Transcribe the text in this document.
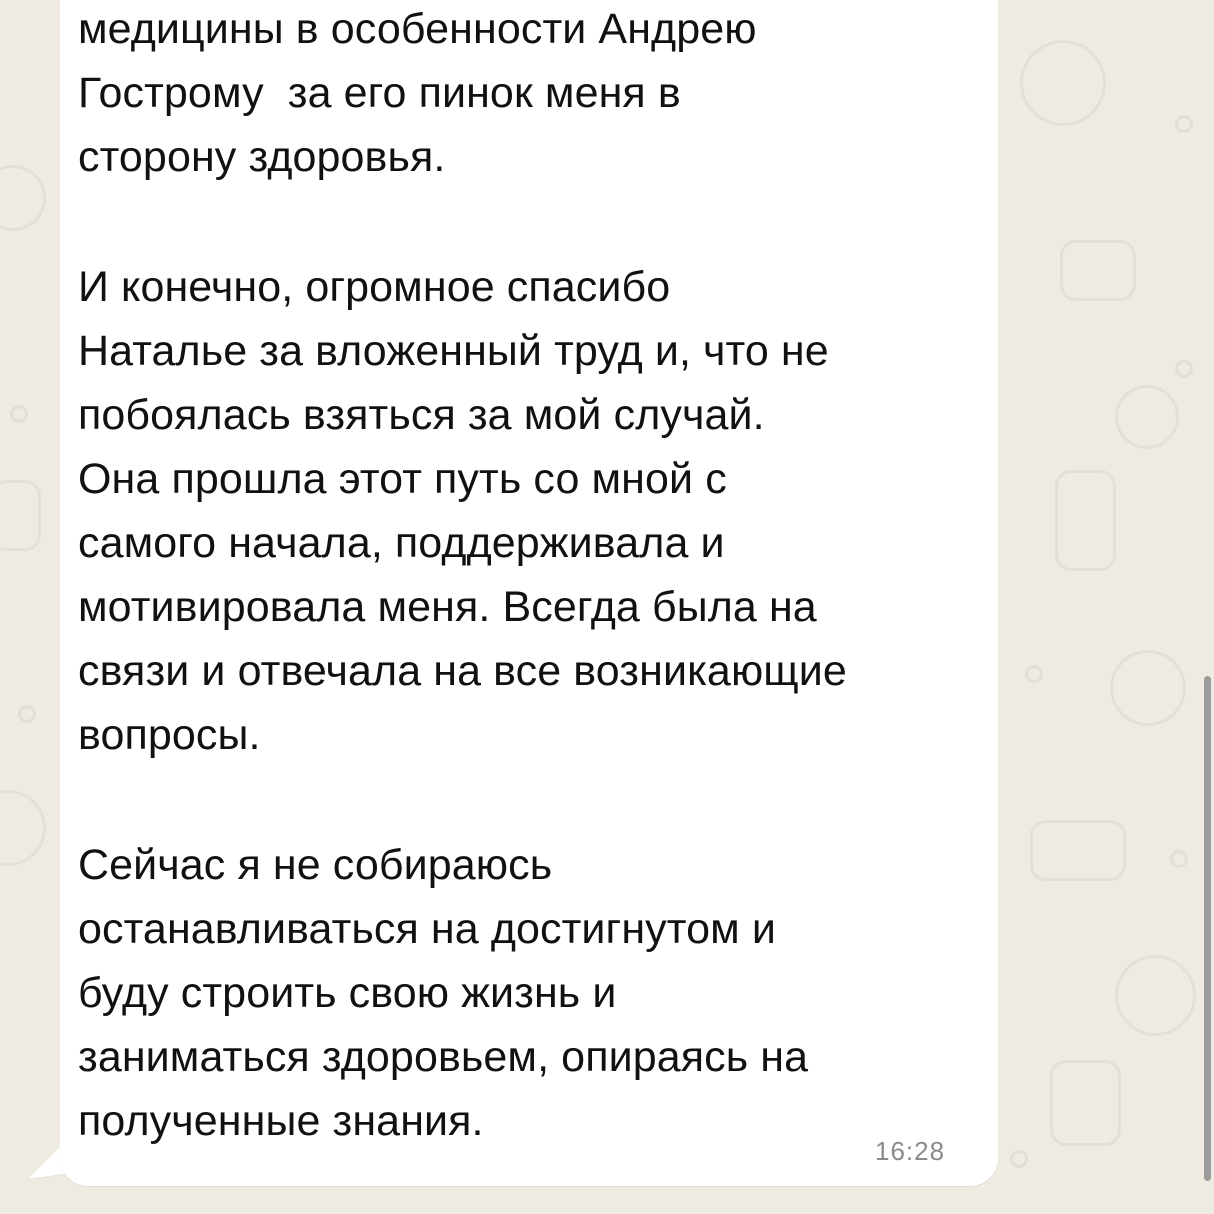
медицины в особенности Андрею
Гострому  за его пинок меня в
сторону здоровья.
И конечно, огромное спасибо
Наталье за вложенный труд и, что не
побоялась взяться за мой случай.
Она прошла этот путь со мной с
самого начала, поддерживала и
мотивировала меня. Всегда была на
связи и отвечала на все возникающие
вопросы.
Сейчас я не собираюсь
останавливаться на достигнутом и
буду строить свою жизнь и
заниматься здоровьем, опираясь на
полученные знания.
16:28
